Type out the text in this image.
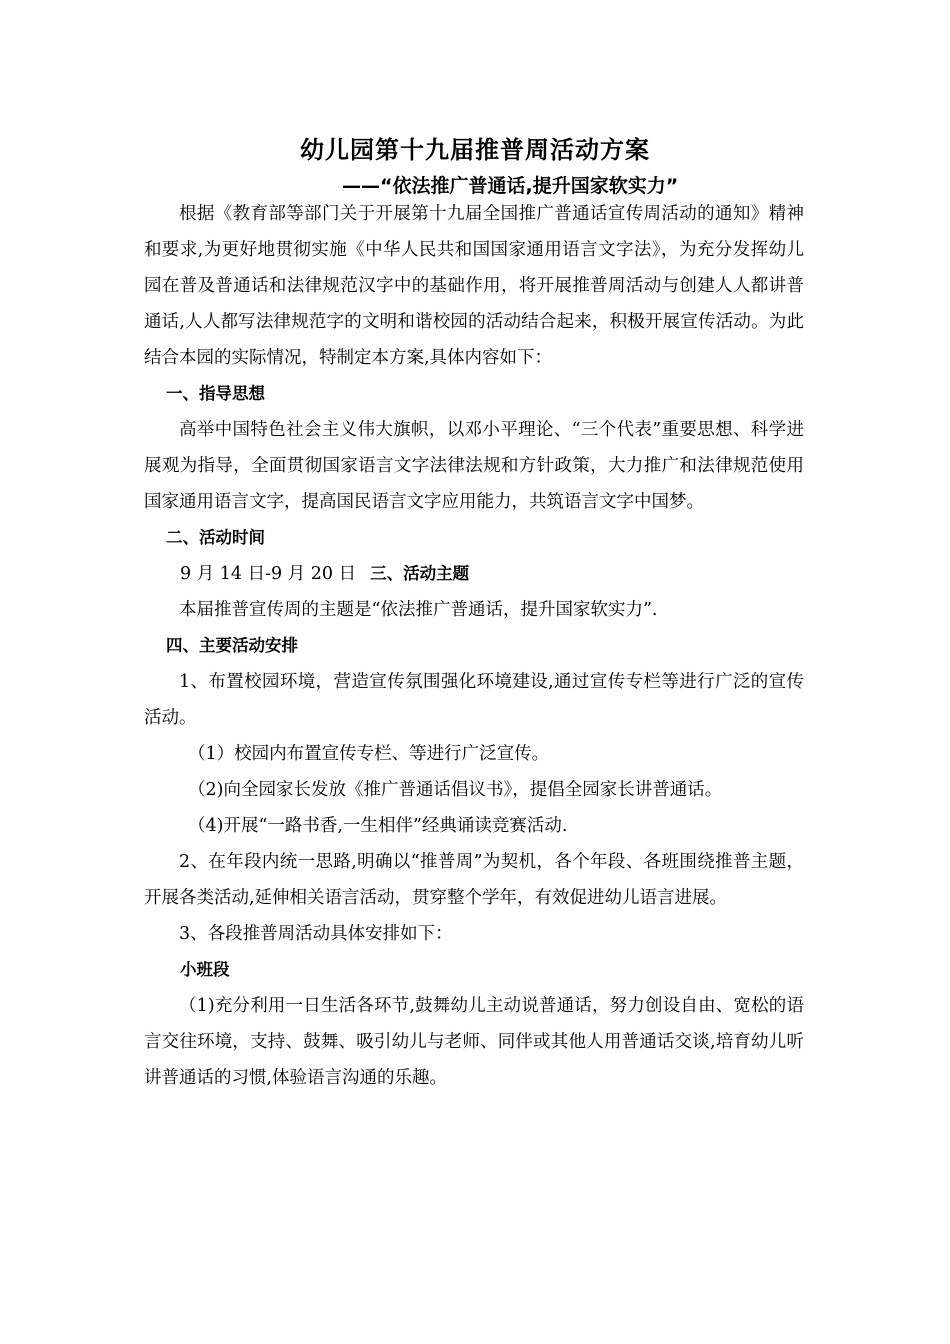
幼儿园第十九届推普周活动方案
——“依法推广普通话,提升国家软实力”

根据《教育部等部门关于开展第十九届全国推广普通话宣传周活动的通知》精神和要求,为更好地贯彻实施《中华人民共和国国家通用语言文字法》，为充分发挥幼儿园在普及普通话和法律规范汉字中的基础作用，将开展推普周活动与创建人人都讲普通话,人人都写法律规范字的文明和谐校园的活动结合起来，积极开展宣传活动。为此结合本园的实际情况，特制定本方案,具体内容如下：

一、指导思想

高举中国特色社会主义伟大旗帜，以邓小平理论、“三个代表”重要思想、科学进展观为指导，全面贯彻国家语言文字法律法规和方针政策，大力推广和法律规范使用国家通用语言文字，提高国民语言文字应用能力，共筑语言文字中国梦。

二、活动时间

9 月 14 日-9 月 20 日 三、活动主题

本届推普宣传周的主题是“依法推广普通话，提升国家软实力”.

四、主要活动安排

1、布置校园环境，营造宣传氛围强化环境建设,通过宣传专栏等进行广泛的宣传活动。

（1）校园内布置宣传专栏、等进行广泛宣传。

（2)向全园家长发放《推广普通话倡议书》，提倡全园家长讲普通话。

（4)开展“一路书香,一生相伴”经典诵读竞赛活动.

2、在年段内统一思路,明确以“推普周”为契机，各个年段、各班围绕推普主题，开展各类活动,延伸相关语言活动，贯穿整个学年，有效促进幼儿语言进展。

3、各段推普周活动具体安排如下：

小班段

（1)充分利用一日生活各环节,鼓舞幼儿主动说普通话，努力创设自由、宽松的语言交往环境，支持、鼓舞、吸引幼儿与老师、同伴或其他人用普通话交谈,培育幼儿听讲普通话的习惯,体验语言沟通的乐趣。
